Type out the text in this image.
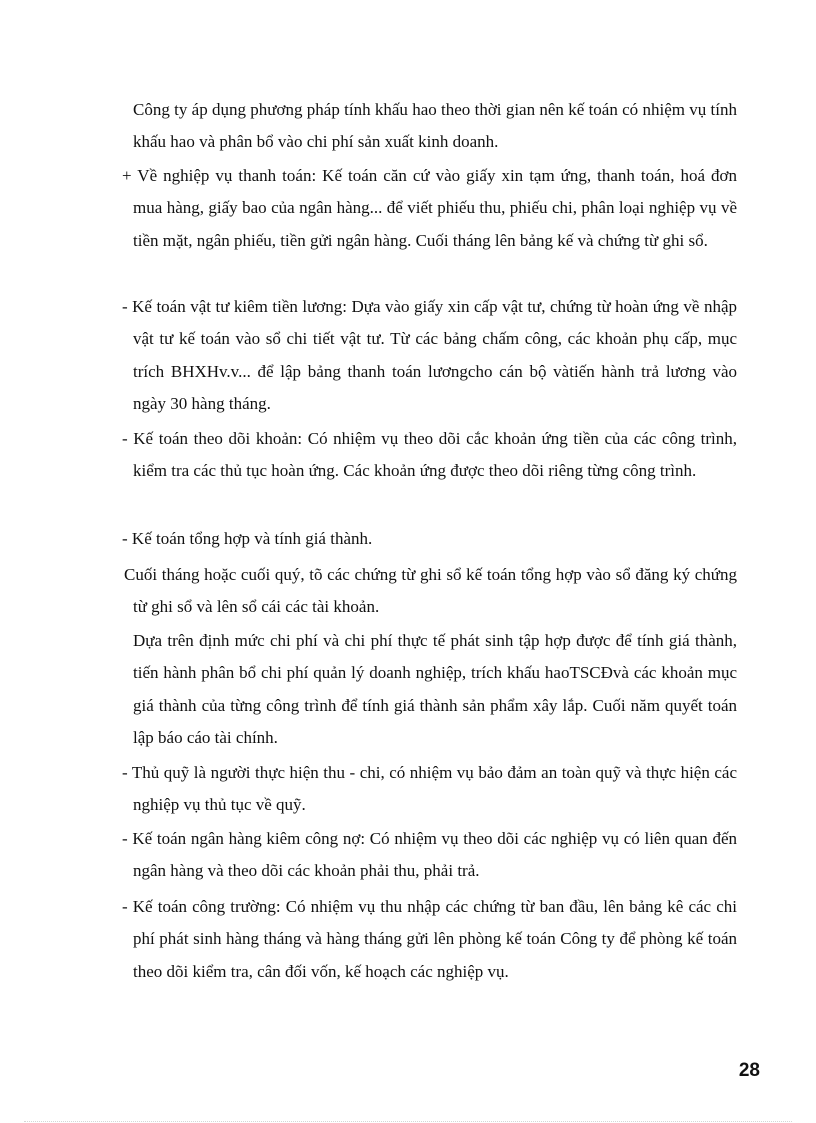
Công ty áp dụng phương pháp tính khấu hao theo thời gian nên kế toán có nhiệm vụ tính khấu hao và phân bổ vào chi phí sản xuất kinh doanh.

+ Về nghiệp vụ thanh toán: Kế toán căn cứ vào giấy xin tạm ứng, thanh toán, hoá đơn mua hàng, giấy bao của ngân hàng... để viết phiếu thu, phiếu chi, phân loại nghiệp vụ về tiền mặt, ngân phiếu, tiền gửi ngân hàng. Cuối tháng lên bảng kế và chứng từ ghi sổ.

- Kế toán vật tư kiêm tiền lương: Dựa vào giấy xin cấp vật tư, chứng từ hoàn ứng về nhập vật tư kế toán vào sổ chi tiết vật tư. Từ các bảng chấm công, các khoản phụ cấp, mục trích BHXHv.v... để lập bảng thanh toán lươngcho cán bộ vàtiến hành trả lương vào ngày 30 hàng tháng.

- Kế toán theo dõi khoản: Có nhiệm vụ theo dõi cắc khoản ứng tiền của các công trình, kiểm tra các thủ tục hoàn ứng. Các khoản ứng được theo dõi riêng từng công trình.

- Kế toán tổng hợp và tính giá thành.

Cuối tháng hoặc cuối quý, tõ các chứng từ ghi sổ kế toán tổng hợp vào sổ đăng ký chứng từ ghi sổ và lên sổ cái các tài khoản.

Dựa trên định mức chi phí và chi phí thực tế phát sinh tập hợp được để tính giá thành, tiến hành phân bổ chi phí quản lý doanh nghiệp, trích khấu haoTSCĐvà các khoản mục giá thành của từng công trình để tính giá thành sản phẩm xây lắp. Cuối năm quyết toán lập báo cáo tài chính.

- Thủ quỹ là người thực hiện thu - chi, có nhiệm vụ bảo đảm an toàn quỹ và thực hiện các nghiệp vụ thủ tục về quỹ.

- Kế toán ngân hàng kiêm công nợ: Có nhiệm vụ theo dõi các nghiệp vụ có liên quan đến ngân hàng và theo dõi các khoản phải thu, phải trả.

- Kế toán công trường: Có nhiệm vụ thu nhập các chứng từ ban đầu, lên bảng kê các chi phí phát sinh hàng tháng và hàng tháng gửi lên phòng kế toán Công ty để phòng kế toán theo dõi kiểm tra, cân đối vốn, kế hoạch các nghiệp vụ.

28
